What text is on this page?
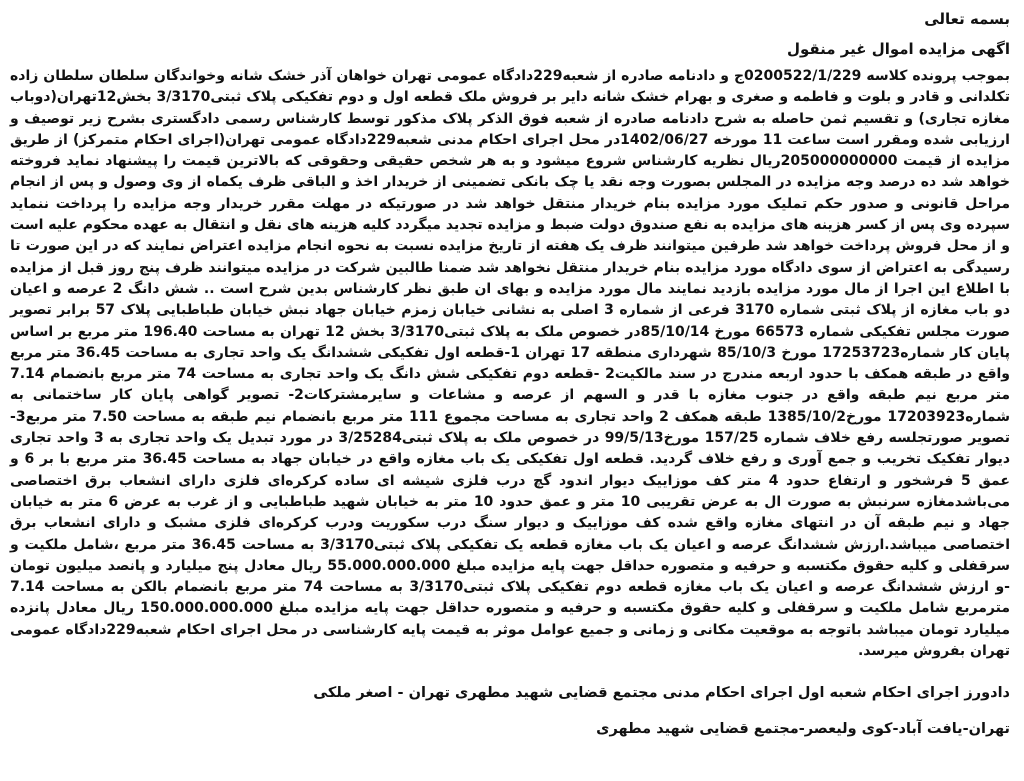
بسمه تعالی
اگهی مزایده اموال غیر منقول

بموجب پرونده کلاسه 0200522/1/229ج و دادنامه صادره از شعبه229دادگاه عمومی تهران خواهان آذر خشک شانه وخواندگان سلطان سلطان زاده تکلدانی و قادر و بلوت و فاطمه و صغری و بهرام خشک شانه دایر بر فروش ملک قطعه اول و دوم تفکیکی پلاک ثبتی3/3170 بخش12تهران(دوباب مغازه تجاری) و تقسیم ثمن حاصله به شرح دادنامه صادره از شعبه فوق الذکر پلاک مذکور توسط کارشناس رسمی دادگستری بشرح زیر توصیف و ارزیابی شده ومقرر است ساعت 11 مورخه 1402/06/27در محل اجرای احکام مدنی شعبه229دادگاه عمومی تهران(اجرای احکام متمرکز) از طریق مزایده از قیمت 205000000000ریال نظریه کارشناس شروع میشود و به هر شخص حقیقی وحقوقی که بالاترین قیمت را پیشنهاد نماید فروخته خواهد شد ده درصد وجه مزایده در المجلس بصورت وجه نقد یا چک بانکی تضمینی از خریدار اخذ و الباقی ظرف یکماه از وی وصول و پس از انجام مراحل قانونی و صدور حکم تملیک مورد مزایده بنام خریدار منتقل خواهد شد در صورتیکه در مهلت مقرر خریدار وجه مزایده را پرداخت ننماید سپرده وی پس از کسر هزینه های مزایده به نفع صندوق دولت ضبط و مزایده تجدید میگردد کلیه هزینه های نقل و انتقال به عهده محکوم علیه است و از محل فروش پرداخت خواهد شد طرفین میتوانند ظرف یک هفته از تاریخ مزایده نسبت به نحوه انجام مزایده اعتراض نمایند که در این صورت تا رسیدگی به اعتراض از سوی دادگاه مورد مزایده بنام خریدار منتقل نخواهد شد ضمنا طالبین شرکت در مزایده میتوانند ظرف پنج روز قبل از مزایده با اطلاع این اجرا از مال مورد مزایده بازدید نمایند مال مورد مزایده و بهای ان طبق نظر کارشناس بدین شرح است .. شش دانگ 2 عرصه و اعیان دو باب مغازه از پلاک ثبتی شماره 3170 فرعی از شماره 3 اصلی به نشانی خیابان زمزم خیابان جهاد نبش خیابان طباطبایی پلاک 57 برابر تصویر صورت مجلس تفکیکی شماره 66573 مورخ 85/10/14در خصوص ملک به پلاک ثبتی3/3170 بخش 12 تهران به مساحت 196.40 متر مربع بر اساس پایان کار شماره17253723 مورخ 85/10/3 شهرداری منطقه 17 تهران 1-قطعه اول تفکیکی ششدانگ یک واحد تجاری به مساحت 36.45 متر مربع واقع در طبقه همکف با حدود اربعه مندرج در سند مالکیت2 -قطعه دوم تفکیکی شش دانگ یک واحد تجاری به مساحت 74 متر مربع بانضمام 7.14 متر مربع نیم طبقه واقع در جنوب مغازه با قدر و السهم از عرصه و مشاعات و سایرمشترکات2- تصویر گواهی پایان کار ساختمانی به شماره17203923 مورخ1385/10/2 طبقه همکف 2 واحد تجاری به مساحت مجموع 111 متر مربع بانضمام نیم طبقه به مساحت 7.50 متر مربع3- تصویر صورتجلسه رفع خلاف شماره 157/25 مورخ99/5/13 در خصوص ملک به پلاک ثبتی3/25284 در مورد تبدیل یک واحد تجاری به 3 واحد تجاری دیوار تفکیک تخریب و جمع آوری و رفع خلاف گردید. قطعه اول تفکیکی یک باب مغازه واقع در خیابان جهاد به مساحت 36.45 متر مربع با بر 6 و عمق 5 فرشخور و ارتفاع حدود 4 متر کف موزاییک دیوار اندود گچ درب فلزی شیشه ای ساده کرکره‌ای فلزی دارای انشعاب برق اختصاصی می‌باشدمغازه سرنبش به صورت ال به عرض تقریبی 10 متر و عمق حدود 10 متر به خیابان شهید طباطبایی و از غرب به عرض 6 متر به خیابان جهاد و نیم طبقه آن در انتهای مغازه واقع شده کف موزاییک و دیوار سنگ درب سکوریت ودرب کرکره‌ای فلزی مشبک و دارای انشعاب برق اختصاصی میباشد.ارزش ششدانگ عرصه و اعیان یک باب مغازه قطعه یک تفکیکی پلاک ثبتی3/3170 به مساحت 36.45 متر مربع ،شامل ملکیت و سرقفلی و کلیه حقوق مکتسبه و حرفیه و متصوره حداقل جهت پایه مزایده مبلغ 55.000.000.000 ریال معادل پنج میلیارد و پانصد میلیون تومان -و ارزش ششدانگ عرصه و اعیان یک باب مغازه قطعه دوم تفکیکی پلاک ثبتی3/3170 به مساحت 74 متر مربع بانضمام بالکن به مساحت 7.14 مترمربع شامل ملکیت و سرقفلی و کلیه حقوق مکتسبه و حرفیه و متصوره حداقل جهت پایه مزایده مبلغ 150.000.000.000 ریال معادل پانزده میلیارد تومان میباشد باتوجه به موقعیت مکانی و زمانی و جمیع عوامل موثر به قیمت پایه کارشناسی در محل اجرای احکام شعبه229دادگاه عمومی تهران بفروش میرسد.

دادورز اجرای احکام شعبه اول اجرای احکام مدنی مجتمع قضایی شهید مطهری تهران - اصغر ملکی
تهران-یافت آباد-کوی ولیعصر-مجتمع قضایی شهید مطهری
